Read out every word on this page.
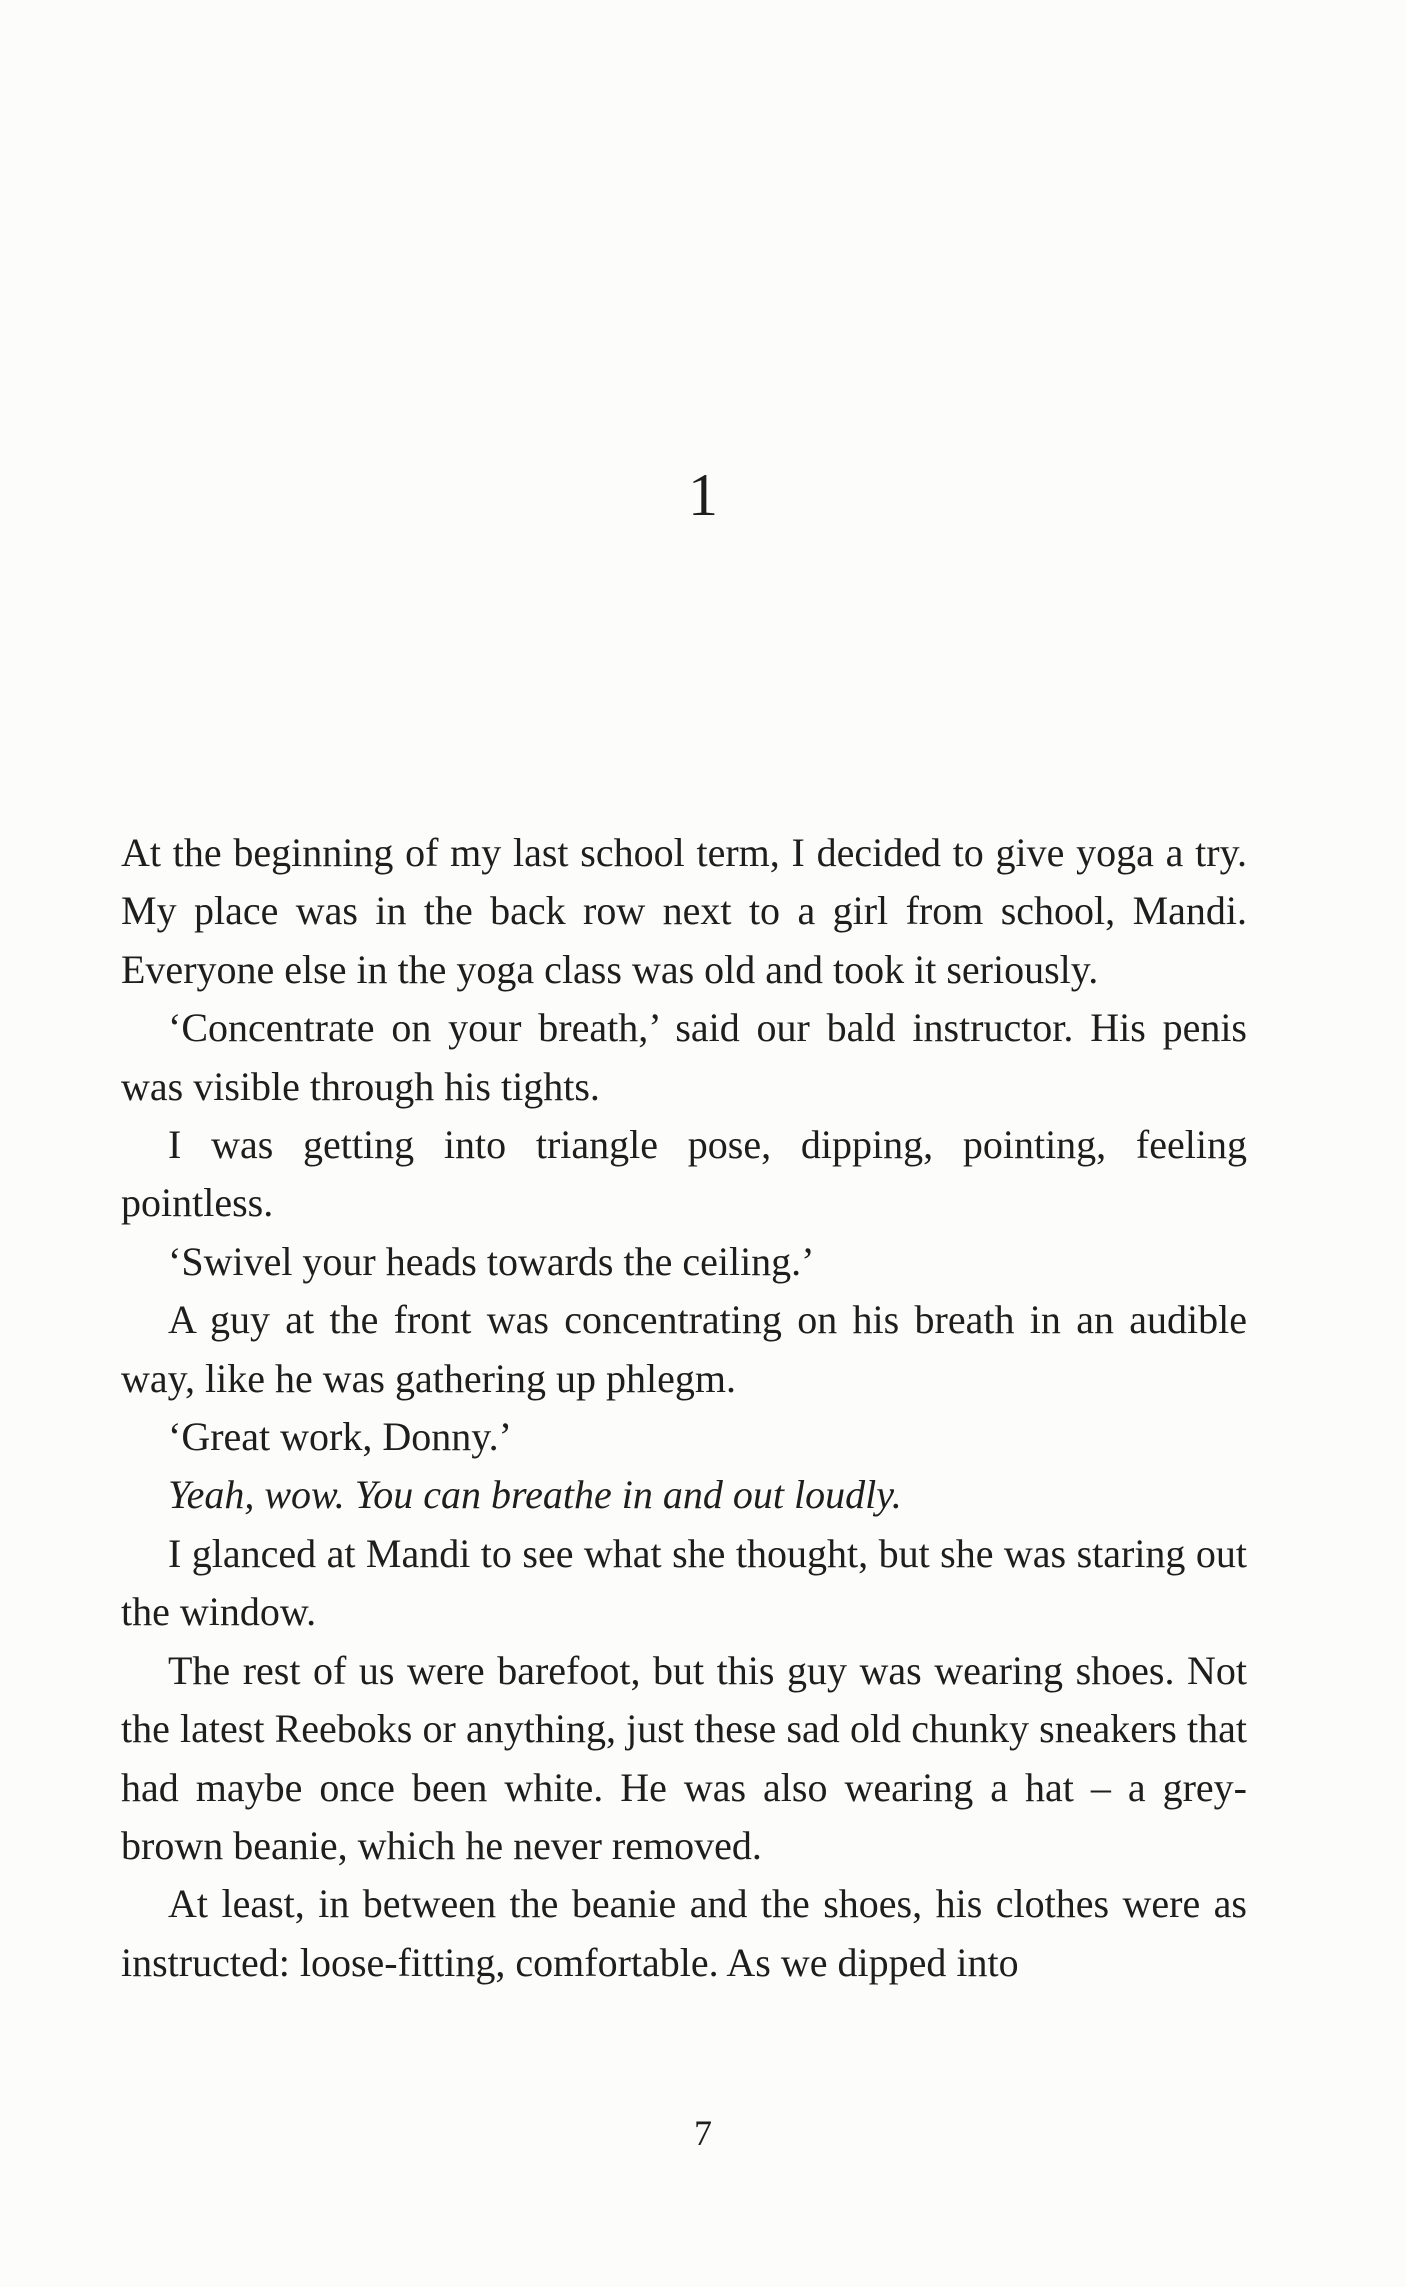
1

At the beginning of my last school term, I decided to give yoga a try. My place was in the back row next to a girl from school, Mandi. Everyone else in the yoga class was old and took it seriously.

‘Concentrate on your breath,’ said our bald instructor. His penis was visible through his tights.

I was getting into triangle pose, dipping, pointing, feeling pointless.

‘Swivel your heads towards the ceiling.’

A guy at the front was concentrating on his breath in an audible way, like he was gathering up phlegm.

‘Great work, Donny.’

Yeah, wow. You can breathe in and out loudly.

I glanced at Mandi to see what she thought, but she was staring out the window.

The rest of us were barefoot, but this guy was wearing shoes. Not the latest Reeboks or anything, just these sad old chunky sneakers that had maybe once been white. He was also wearing a hat – a grey-brown beanie, which he never removed.

At least, in between the beanie and the shoes, his clothes were as instructed: loose-fitting, comfortable. As we dipped into

7
